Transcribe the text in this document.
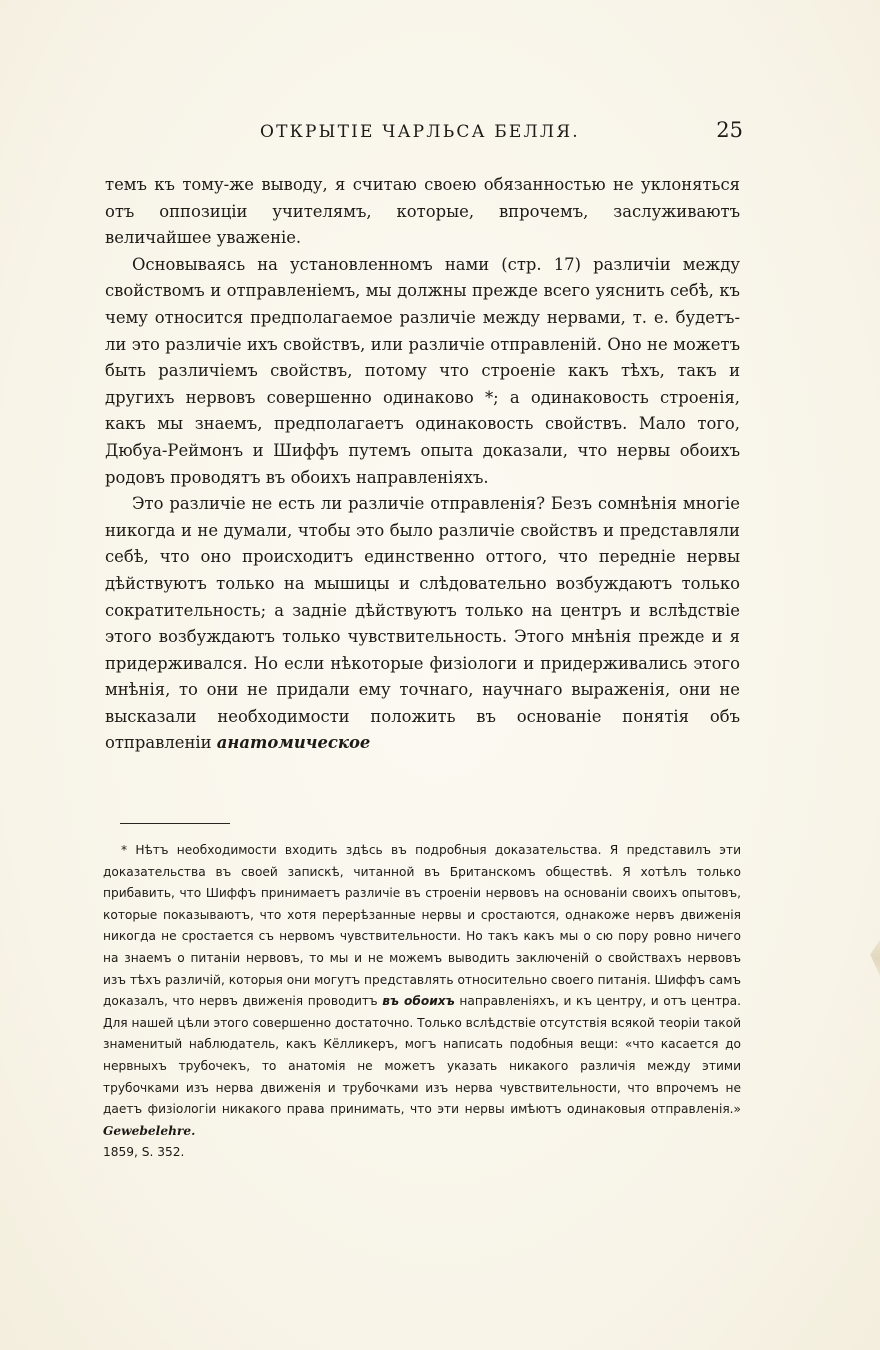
ОТКРЫТІЕ ЧАРЛЬСА БЕЛЛЯ.	25

темъ къ тому-же выводу, я считаю своею обязанностью не уклоняться отъ оппозиціи учителямъ, которые, впрочемъ, заслуживаютъ величайшее уваженіе.

Основываясь на установленномъ нами (стр. 17) различіи между свойствомъ и отправленіемъ, мы должны прежде всего уяснить себѣ, къ чему относится предполагаемое различіе между нервами, т. е. будетъ-ли это различіе ихъ свойствъ, или различіе отправленій. Оно не можетъ быть различіемъ свойствъ, потому что строеніе какъ тѣхъ, такъ и другихъ нервовъ совершенно одинаково *; а одинаковость строенія, какъ мы знаемъ, предполагаетъ одинаковость свойствъ. Мало того, Дюбуа-Реймонъ и Шиффъ путемъ опыта доказали, что нервы обоихъ родовъ проводятъ въ обоихъ направленіяхъ.

Это различіе не есть ли различіе отправленія? Безъ сомнѣнія многіе никогда и не думали, чтобы это было различіе свойствъ и представляли себѣ, что оно происходитъ единственно оттого, что передніе нервы дѣйствуютъ только на мышицы и слѣдовательно возбуждаютъ только сократительность; а задніе дѣйствуютъ только на центръ и вслѣдствіе этого возбуждаютъ только чувствительность. Этого мнѣнія прежде и я придерживался. Но если нѣкоторые физіологи и придерживались этого мнѣнія, то они не придали ему точнаго, научнаго выраженія, они не высказали необходимости положить въ основаніе понятія объ отправленіи анатомическое

* Нѣтъ необходимости входить здѣсь въ подробныя доказательства. Я представилъ эти доказательства въ своей запискѣ, читанной въ Британскомъ обществѣ. Я хотѣлъ только прибавить, что Шиффъ принимаетъ различіе въ строеніи нервовъ на основаніи своихъ опытовъ, которые показываютъ, что хотя перерѣзанные нервы и сростаются, однакоже нервъ движенія никогда не сростается съ нервомъ чувствительности. Но такъ какъ мы о сю пору ровно ничего на знаемъ о питаніи нервовъ, то мы и не можемъ выводить заключеній о свойствахъ нервовъ изъ тѣхъ различій, которыя они могутъ представлять относительно своего питанія. Шиффъ самъ доказалъ, что нервъ движенія проводитъ въ обоихъ направленіяхъ, и къ центру, и отъ центра. Для нашей цѣли этого совершенно достаточно. Только вслѣдствіе отсутствія всякой теоріи такой знаменитый наблюдатель, какъ Кёлликеръ, могъ написать подобныя вещи: «что касается до нервныхъ трубочекъ, то анатомія не можетъ указать никакого различія между этими трубочками изъ нерва движенія и трубочками изъ нерва чувствительности, что впрочемъ не даетъ физіологіи никакого права принимать, что эти нервы имѣютъ одинаковыя отправленія.» Gewebelehre.
1859, S. 352.
